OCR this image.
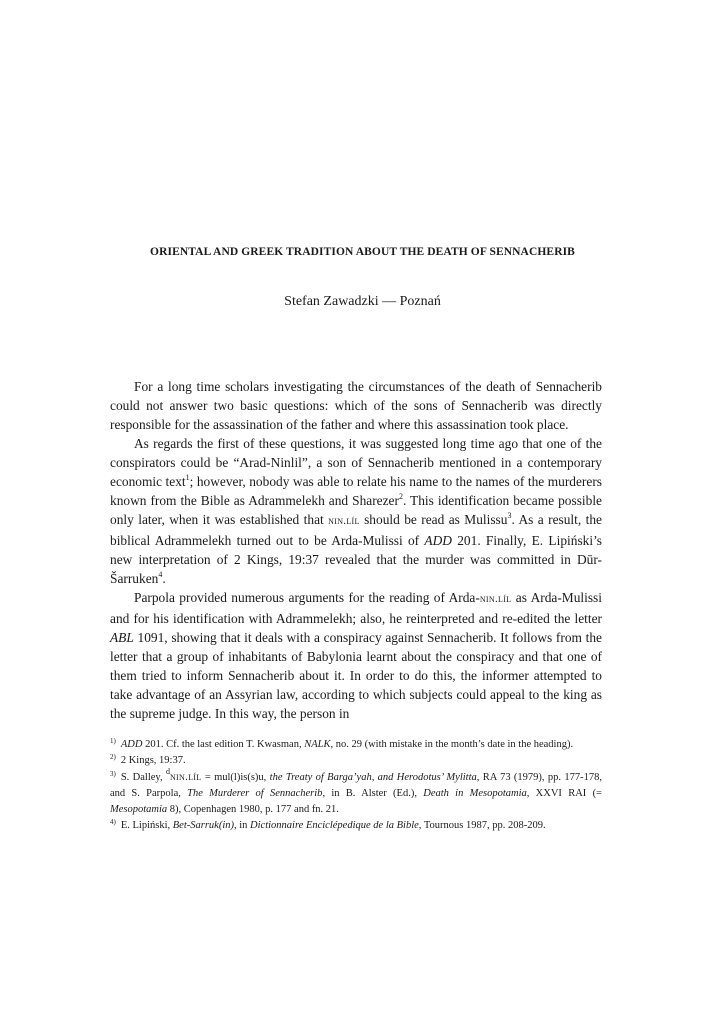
ORIENTAL AND GREEK TRADITION ABOUT THE DEATH OF SENNACHERIB

Stefan Zawadzki — Poznań

For a long time scholars investigating the circumstances of the death of Sennacherib could not answer two basic questions: which of the sons of Sennacherib was directly responsible for the assassination of the father and where this assassination took place.

As regards the first of these questions, it was suggested long time ago that one of the conspirators could be “Arad-Ninlil”, a son of Sennacherib mentioned in a contemporary economic text$^1$; however, nobody was able to relate his name to the names of the murderers known from the Bible as Adrammelekh and Sharezer$^2$. This identification became possible only later, when it was established that nin.líl should be read as Mulissu$^3$. As a result, the biblical Adrammelekh turned out to be Arda-Mulissi of ADD 201. Finally, E. Lipiński’s new interpretation of 2 Kings, 19:37 revealed that the murder was committed in Dūr-Šarruken$^4$.

Parpola provided numerous arguments for the reading of Arda-nin.líl as Arda-Mulissi and for his identification with Adrammelekh; also, he reinterpreted and re-edited the letter ABL 1091, showing that it deals with a conspiracy against Sennacherib. It follows from the letter that a group of inhabitants of Babylonia learnt about the conspiracy and that one of them tried to inform Sennacherib about it. In order to do this, the informer attempted to take advantage of an Assyrian law, according to which subjects could appeal to the king as the supreme judge. In this way, the person in

$^{1)}$ ADD 201. Cf. the last edition T. Kwasman, NALK, no. 29 (with mistake in the month’s date in the heading).

$^{2)}$ 2 Kings, 19:37.

$^{3)}$ S. Dalley, $^d$nin.líl = mul(l)is(s)u, the Treaty of Barga’yah, and Herodotus’ Mylitta, RA 73 (1979), pp. 177-178, and S. Parpola, The Murderer of Sennacherib, in B. Alster (Ed.), Death in Mesopotamia, XXVI RAI (= Mesopotamia 8), Copenhagen 1980, p. 177 and fn. 21.

$^{4)}$ E. Lipiński, Bet-Sarruk(in), in Dictionnaire Enciclépedique de la Bible, Tournous 1987, pp. 208-209.
